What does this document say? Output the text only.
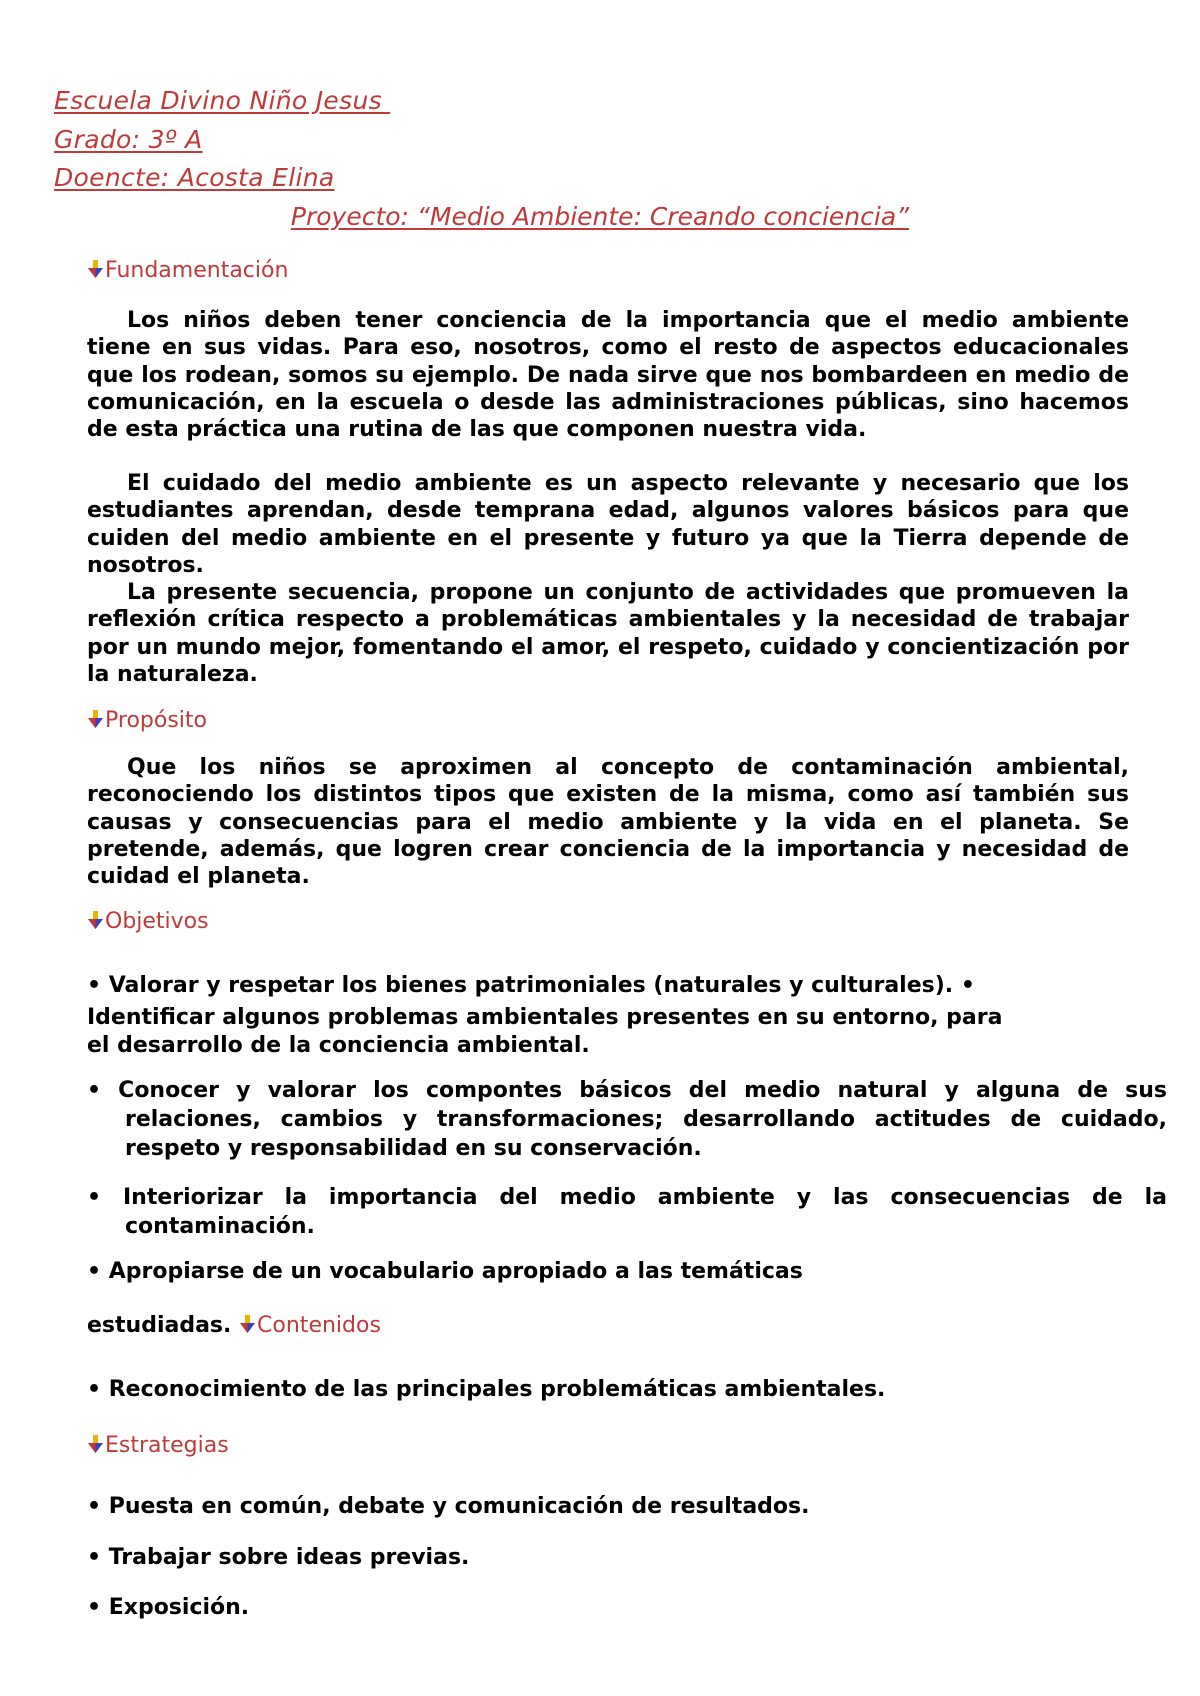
Escuela Divino Niño Jesus
Grado: 3º A
Doencte: Acosta Elina
Proyecto: “Medio Ambiente: Creando conciencia”
Fundamentación

Los niños deben tener conciencia de la importancia que el medio ambiente tiene en sus vidas. Para eso, nosotros, como el resto de aspectos educacionales que los rodean, somos su ejemplo. De nada sirve que nos bombardeen en medio de comunicación, en la escuela o desde las administraciones públicas, sino hacemos de esta práctica una rutina de las que componen nuestra vida.

El cuidado del medio ambiente es un aspecto relevante y necesario que los estudiantes aprendan, desde temprana edad, algunos valores básicos para que cuiden del medio ambiente en el presente y futuro ya que la Tierra depende de nosotros.

La presente secuencia, propone un conjunto de actividades que promueven la reflexión crítica respecto a problemáticas ambientales y la necesidad de trabajar por un mundo mejor, fomentando el amor, el respeto, cuidado y concientización por la naturaleza.

Propósito

Que los niños se aproximen al concepto de contaminación ambiental, reconociendo los distintos tipos que existen de la misma, como así también sus causas y consecuencias para el medio ambiente y la vida en el planeta. Se pretende, además, que logren crear conciencia de la importancia y necesidad de cuidad el planeta.

Objetivos
• Valorar y respetar los bienes patrimoniales (naturales y culturales). •
Identificar algunos problemas ambientales presentes en su entorno, para
el desarrollo de la conciencia ambiental.

• Conocer y valorar los compontes básicos del medio natural y alguna de sus relaciones, cambios y transformaciones; desarrollando actitudes de cuidado, respeto y responsabilidad en su conservación.

• Interiorizar la importancia del medio ambiente y las consecuencias de la contaminación.

• Apropiarse de un vocabulario apropiado a las temáticas
estudiadas. Contenidos
• Reconocimiento de las principales problemáticas ambientales.
Estrategias
• Puesta en común, debate y comunicación de resultados.
• Trabajar sobre ideas previas.
• Exposición.
